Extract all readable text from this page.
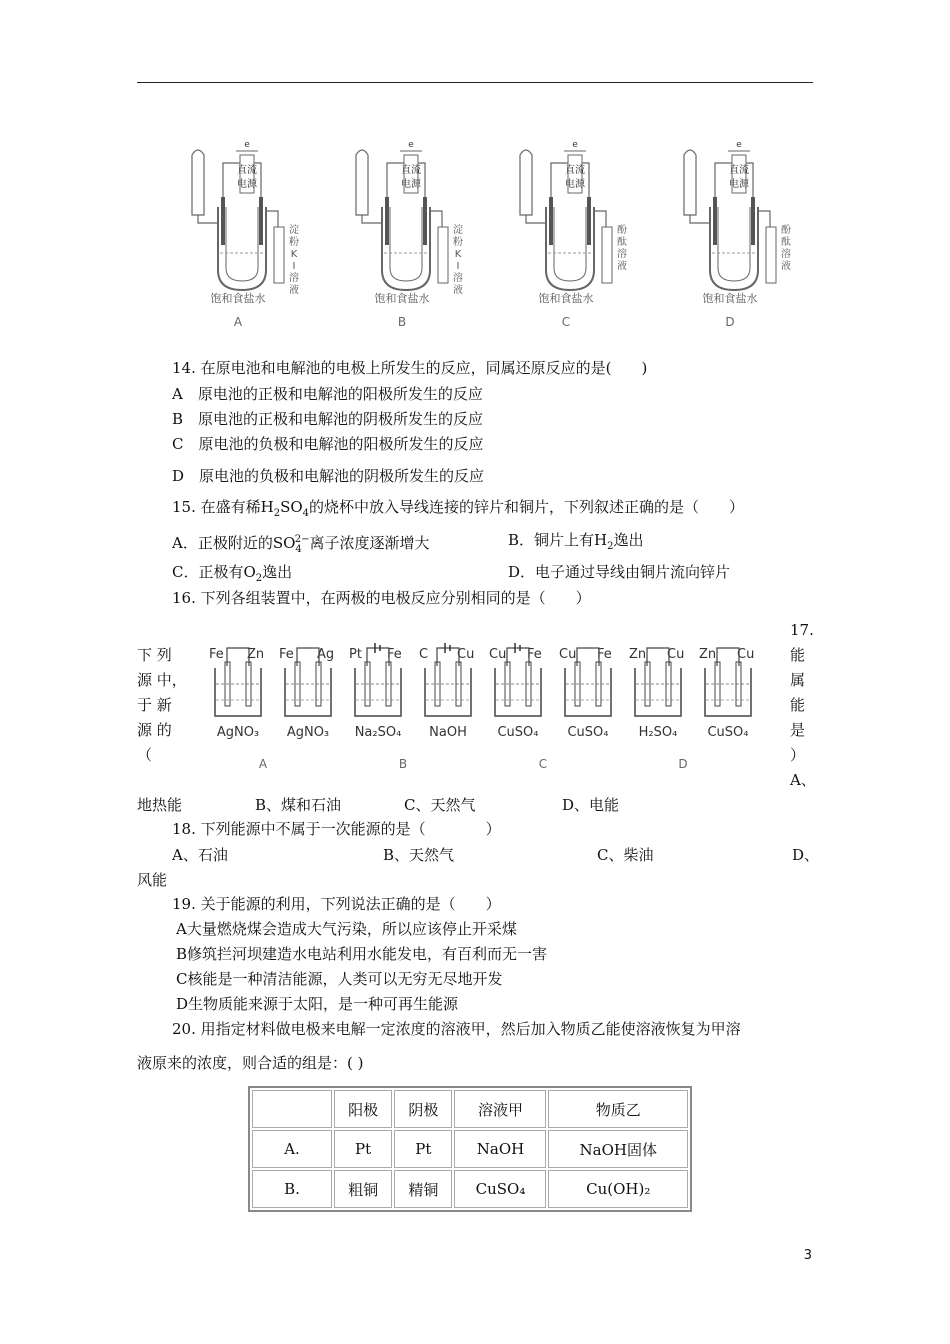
直流
电源
e
淀
粉
K
I
溶
液
饱和食盐水
A
直流
电源
e
淀
粉
K
I
溶
液
饱和食盐水
B
直流
电源
e
酚
酞
溶
液
饱和食盐水
C
直流
电源
e
酚
酞
溶
液
饱和食盐水
D
14. 在原电池和电解池的电极上所发生的反应，同属还原反应的是(　　)
A　原电池的正极和电解池的阳极所发生的反应
B　原电池的正极和电解池的阴极所发生的反应
C　原电池的负极和电解池的阳极所发生的反应
D　原电池的负极和电解池的阴极所发生的反应
15. 在盛有稀$H_2SO_4$的烧杯中放入导线连接的锌片和铜片，下列叙述正确的是（　　）
A．正极附近的$SO_4^{2-}$离子浓度逐渐增大	B．铜片上有$H_2$逸出
C．正极有$O_2$逸出	D．电子通过导线由铜片流向锌片
16. 下列各组装置中，在两极的电极反应分别相同的是（　　）
Fe Zn
AgNO₃
Fe Ag
AgNO₃
A
Pt Fe
Na₂SO₄
C Cu
NaOH
B
Cu Fe
CuSO₄
Cu Fe
CuSO₄
C
Zn Cu
H₂SO₄
Zn Cu
CuSO₄
D
下 列
源 中，
于 新
源 的
（
17.
能
属
能
是
）
A、
地热能	B、煤和石油	C、天然气	D、电能
18. 下列能源中不属于一次能源的是（　　　　）
A、石油	B、天然气	C、柴油	D、
风能
19. 关于能源的利用，下列说法正确的是（　　）
A大量燃烧煤会造成大气污染，所以应该停止开采煤
B修筑拦河坝建造水电站利用水能发电，有百利而无一害
C核能是一种清洁能源，人类可以无穷无尽地开发
D生物质能来源于太阳，是一种可再生能源
20. 用指定材料做电极来电解一定浓度的溶液甲，然后加入物质乙能使溶液恢复为甲溶
液原来的浓度，则合适的组是：( )
	阳极	阴极	溶液甲	物质乙
A.	Pt	Pt	NaOH	NaOH固体
B.	粗铜	精铜	CuSO₄	Cu(OH)₂
3
